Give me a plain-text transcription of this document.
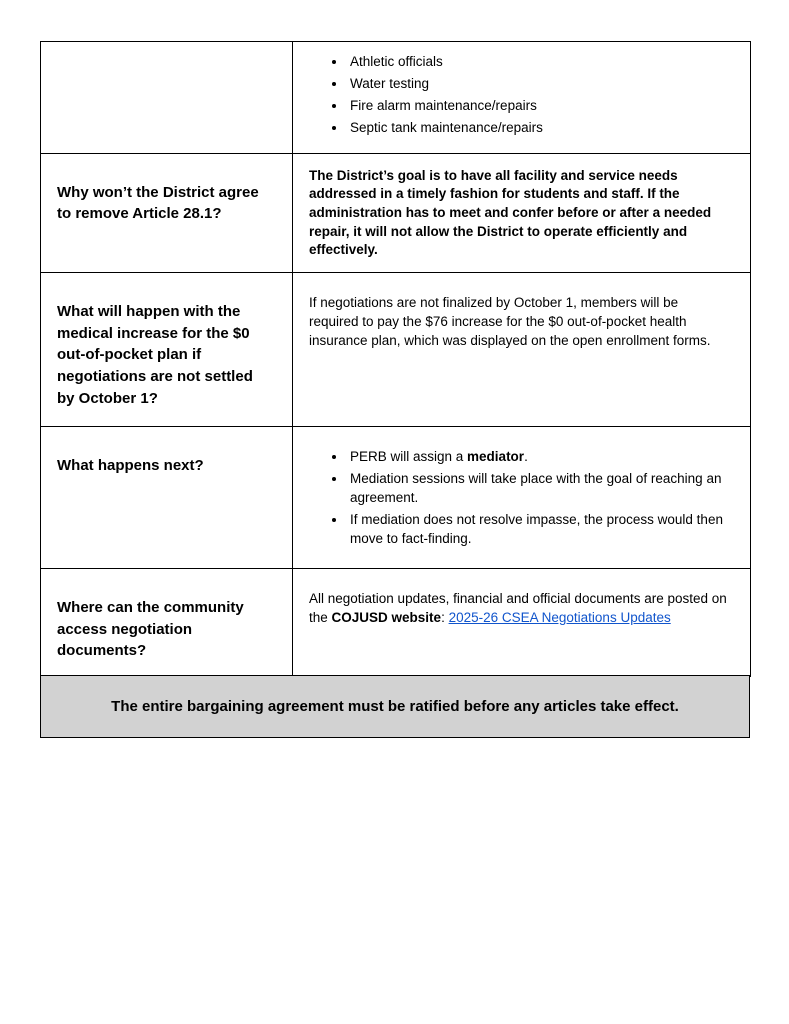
• Athletic officials
• Water testing
• Fire alarm maintenance/repairs
• Septic tank maintenance/repairs

Why won’t the District agree to remove Article 28.1?	The District’s goal is to have all facility and service needs addressed in a timely fashion for students and staff. If the administration has to meet and confer before or after a needed repair, it will not allow the District to operate efficiently and effectively.

What will happen with the medical increase for the $0 out-of-pocket plan if negotiations are not settled by October 1?	If negotiations are not finalized by October 1, members will be required to pay the $76 increase for the $0 out-of-pocket health insurance plan, which was displayed on the open enrollment forms.

What happens next?	
• PERB will assign a mediator.
• Mediation sessions will take place with the goal of reaching an agreement.
• If mediation does not resolve impasse, the process would then move to fact-finding.

Where can the community access negotiation documents?	All negotiation updates, financial and official documents are posted on the COJUSD website: 2025-26 CSEA Negotiations Updates

The entire bargaining agreement must be ratified before any articles take effect.
